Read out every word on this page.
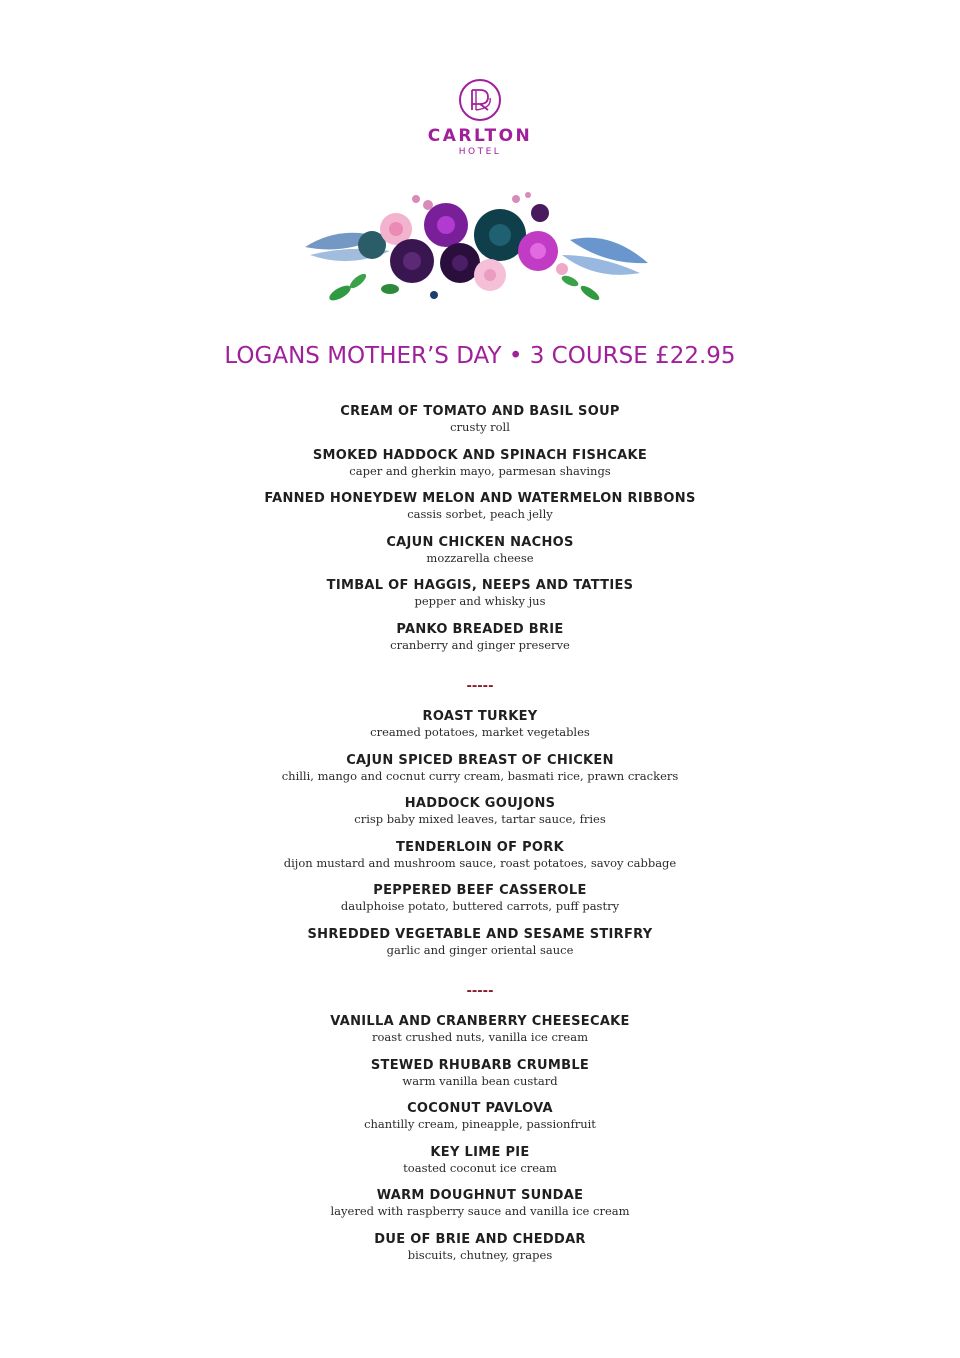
CARLTON
HOTEL
LOGANS MOTHER’S DAY • 3 COURSE £22.95
CREAM OF TOMATO AND BASIL SOUP
crusty roll
SMOKED HADDOCK AND SPINACH FISHCAKE
caper and gherkin mayo, parmesan shavings
FANNED HONEYDEW MELON AND WATERMELON RIBBONS
cassis sorbet, peach jelly
CAJUN CHICKEN NACHOS
mozzarella cheese
TIMBAL OF HAGGIS, NEEPS AND TATTIES
pepper and whisky jus
PANKO BREADED BRIE
cranberry and ginger preserve
-----
ROAST TURKEY
creamed potatoes, market vegetables
CAJUN SPICED BREAST OF CHICKEN
chilli, mango and cocnut curry cream, basmati rice, prawn crackers
HADDOCK GOUJONS
crisp baby mixed leaves, tartar sauce, fries
TENDERLOIN OF PORK
dijon mustard and mushroom sauce, roast potatoes, savoy cabbage
PEPPERED BEEF CASSEROLE
daulphoise potato, buttered carrots, puff pastry
SHREDDED VEGETABLE AND SESAME STIRFRY
garlic and ginger oriental sauce
-----
VANILLA AND CRANBERRY CHEESECAKE
roast crushed nuts, vanilla ice cream
STEWED RHUBARB CRUMBLE
warm vanilla bean custard
COCONUT PAVLOVA
chantilly cream, pineapple, passionfruit
KEY LIME PIE
toasted coconut ice cream
WARM DOUGHNUT SUNDAE
layered with raspberry sauce and vanilla ice cream
DUE OF BRIE AND CHEDDAR
biscuits, chutney, grapes
